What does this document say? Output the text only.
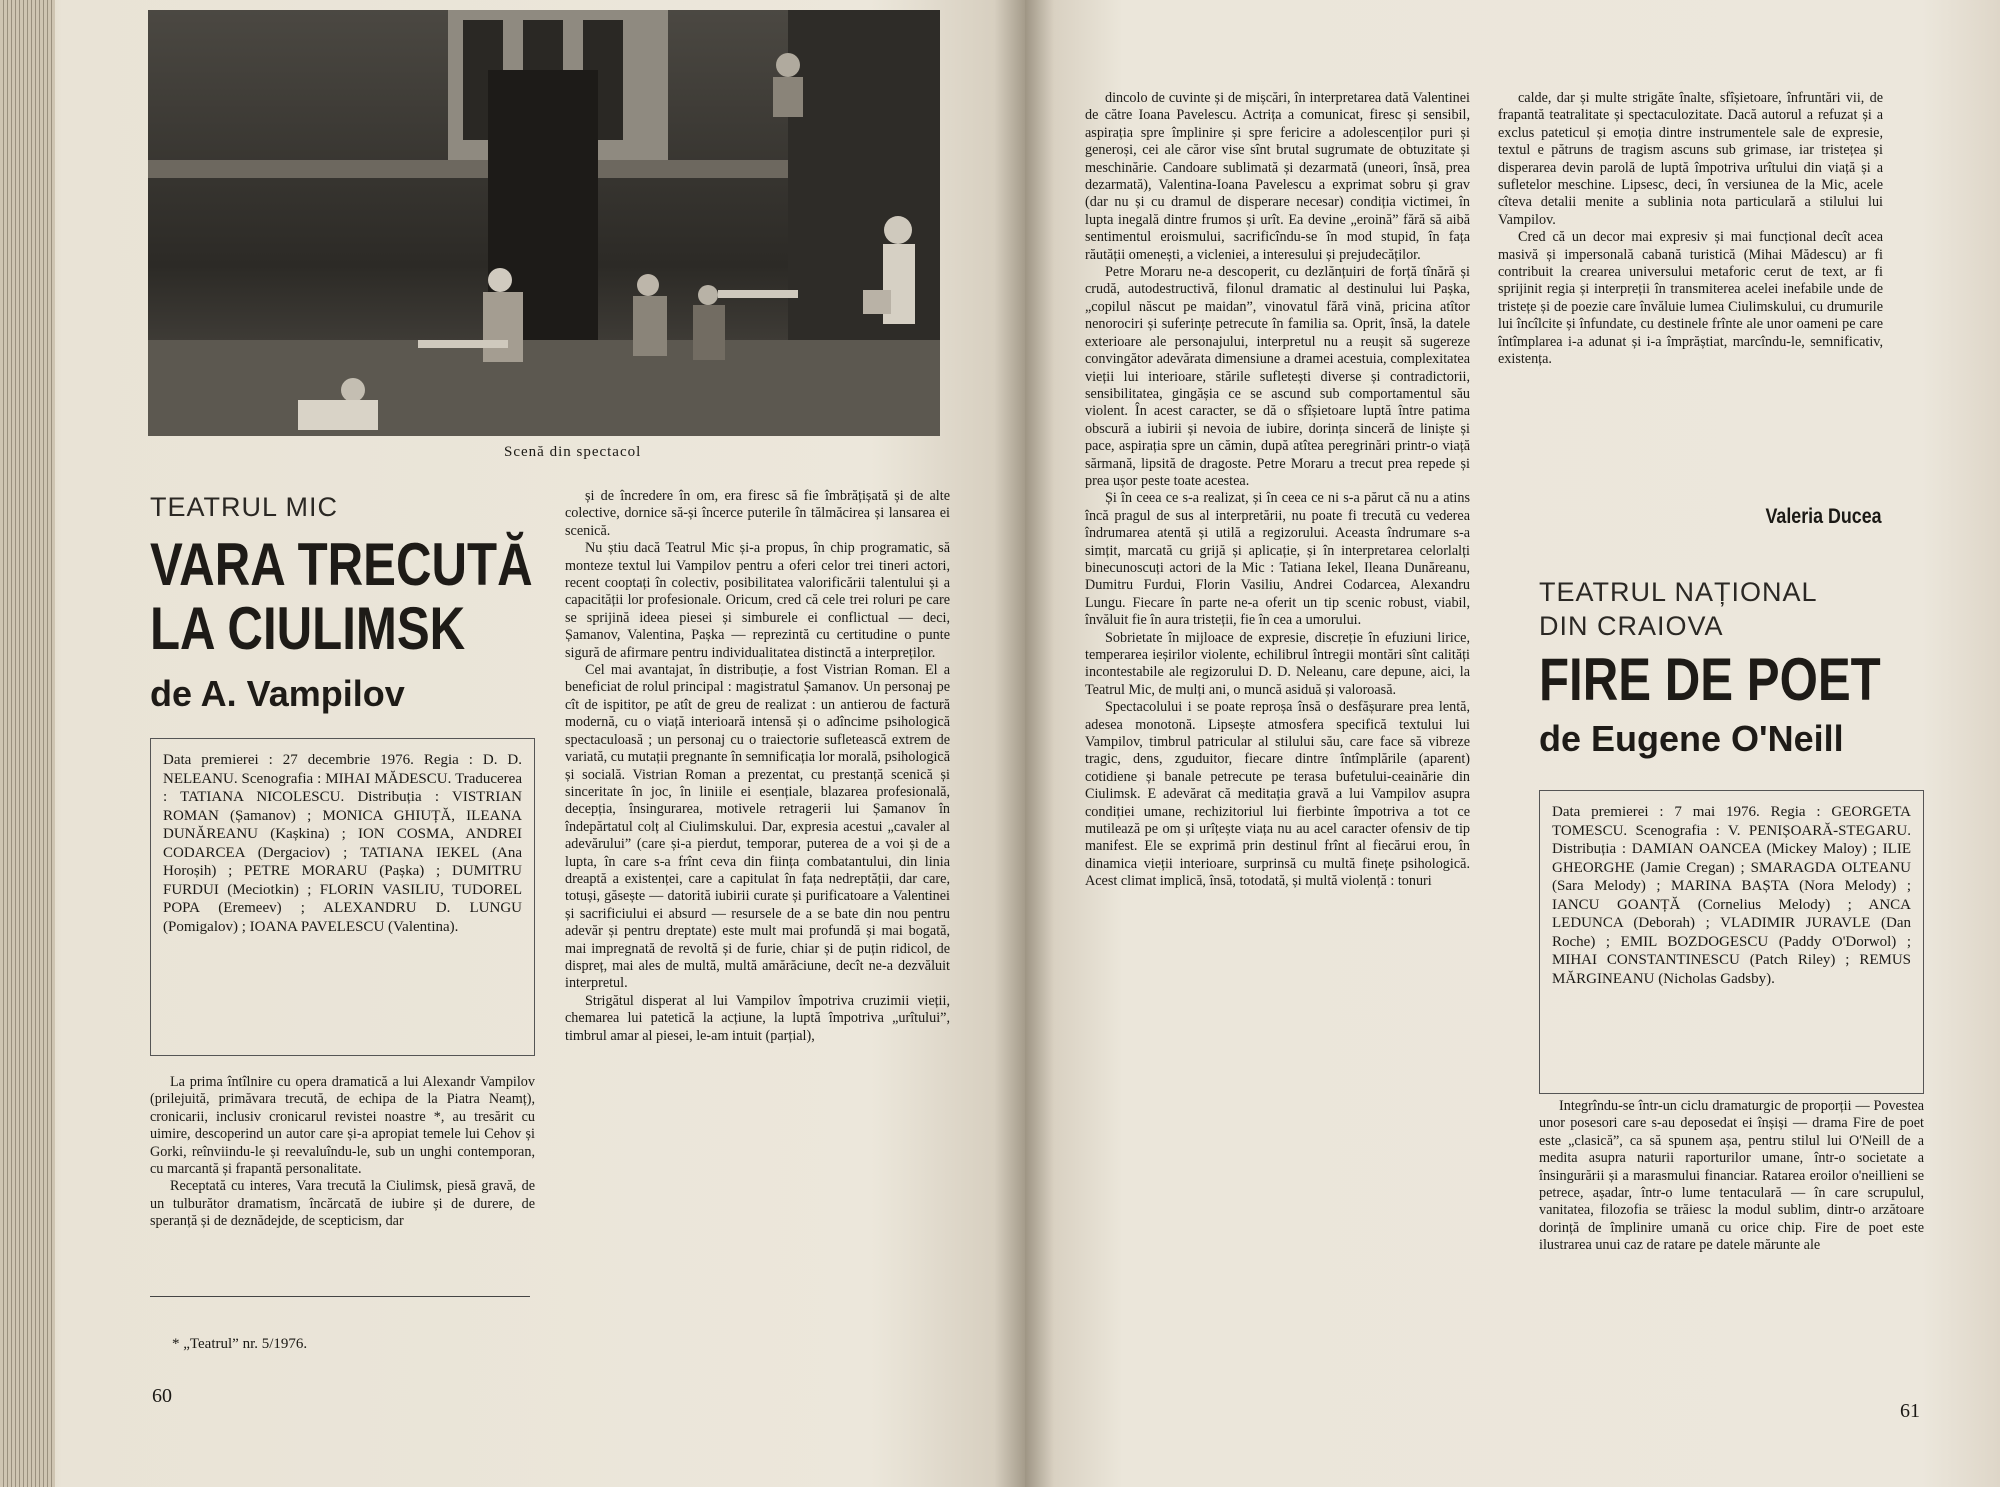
Scenă din spectacol
TEATRUL MIC
VARA TRECUTĂ
LA CIULIMSK
de A. Vampilov
Data premierei : 27 decembrie 1976. Regia : D. D. NELEANU. Scenografia : MIHAI MĂDESCU. Traducerea : TATIANA NICOLESCU. Distribuția : VISTRIAN ROMAN (Șamanov) ; MONICA GHIUȚĂ, ILEANA DUNĂREANU (Kașkina) ; ION COSMA, ANDREI CODARCEA (Dergaciov) ; TATIANA IEKEL (Ana Horoșih) ; PETRE MORARU (Pașka) ; DUMITRU FURDUI (Meciotkin) ; FLORIN VASILIU, TUDOREL POPA (Eremeev) ; ALEXANDRU D. LUNGU (Pomigalov) ; IOANA PAVELESCU (Valentina).

La prima întîlnire cu opera dramatică a lui Alexandr Vampilov (prilejuită, primăvara trecută, de echipa de la Piatra Neamț), cronicarii, inclusiv cronicarul revistei noastre *, au tresărit cu uimire, descoperind un autor care și-a apropiat temele lui Cehov și Gorki, reînviindu-le și reevaluîndu-le, sub un unghi contemporan, cu marcantă și frapantă personalitate.

Receptată cu interes, Vara trecută la Ciulimsk, piesă gravă, de un tulburător dramatism, încărcată de iubire și de durere, de speranță și de deznădejde, de scepticism, dar

* „Teatrul” nr. 5/1976.

și de încredere în om, era firesc să fie îmbrățișată și de alte colective, dornice să-și încerce puterile în tălmăcirea și lansarea ei scenică.

Nu știu dacă Teatrul Mic și-a propus, în chip programatic, să monteze textul lui Vampilov pentru a oferi celor trei tineri actori, recent cooptați în colectiv, posibilitatea valorificării talentului și a capacității lor profesionale. Oricum, cred că cele trei roluri pe care se sprijină ideea piesei și simburele ei conflictual — deci, Șamanov, Valentina, Pașka — reprezintă cu certitudine o punte sigură de afirmare pentru individualitatea distinctă a interpreților.

Cel mai avantajat, în distribuție, a fost Vistrian Roman. El a beneficiat de rolul principal : magistratul Șamanov. Un personaj pe cît de ispititor, pe atît de greu de realizat : un antierou de factură modernă, cu o viață interioară intensă și o adîncime psihologică spectaculoasă ; un personaj cu o traiectorie sufletească extrem de variată, cu mutații pregnante în semnificația lor morală, psihologică și socială. Vistrian Roman a prezentat, cu prestanță scenică și sinceritate în joc, în liniile ei esențiale, blazarea profesională, decepția, însingurarea, motivele retragerii lui Șamanov în îndepărtatul colț al Ciulimskului. Dar, expresia acestui „cavaler al adevărului” (care și-a pierdut, temporar, puterea de a voi și de a lupta, în care s-a frînt ceva din ființa combatantului, din linia dreaptă a existenței, care a capitulat în fața nedreptății, dar care, totuși, găsește — datorită iubirii curate și purificatoare a Valentinei și sacrificiului ei absurd — resursele de a se bate din nou pentru adevăr și pentru dreptate) este mult mai profundă și mai bogată, mai impregnată de revoltă și de furie, chiar și de puțin ridicol, de dispreț, mai ales de multă, multă amărăciune, decît ne-a dezvăluit interpretul.

Strigătul disperat al lui Vampilov împotriva cruzimii vieții, chemarea lui patetică la acțiune, la luptă împotriva „urîtului”, timbrul amar al piesei, le-am intuit (parțial),

60

dincolo de cuvinte și de mișcări, în interpretarea dată Valentinei de către Ioana Pavelescu. Actrița a comunicat, firesc și sensibil, aspirația spre împlinire și spre fericire a adolescenților puri și generoși, cei ale căror vise sînt brutal sugrumate de obtuzitate și meschinărie. Candoare sublimată și dezarmată (uneori, însă, prea dezarmată), Valentina-Ioana Pavelescu a exprimat sobru și grav (dar nu și cu dramul de disperare necesar) condiția victimei, în lupta inegală dintre frumos și urît. Ea devine „eroină” fără să aibă sentimentul eroismului, sacrificîndu-se în mod stupid, în fața răutății omenești, a vicleniei, a interesului și prejudecăților.

Petre Moraru ne-a descoperit, cu dezlănțuiri de forță tînără și crudă, autodestructivă, filonul dramatic al destinului lui Pașka, „copilul născut pe maidan”, vinovatul fără vină, pricina atîtor nenorociri și suferințe petrecute în familia sa. Oprit, însă, la datele exterioare ale personajului, interpretul nu a reușit să sugereze convingător adevărata dimensiune a dramei acestuia, complexitatea vieții lui interioare, stările sufletești diverse și contradictorii, sensibilitatea, gingășia ce se ascund sub comportamentul său violent. În acest caracter, se dă o sfîșietoare luptă între patima obscură a iubirii și nevoia de iubire, dorința sinceră de liniște și pace, aspirația spre un cămin, după atîtea peregrinări printr-o viață sărmană, lipsită de dragoste. Petre Moraru a trecut prea repede și prea ușor peste toate acestea.

Și în ceea ce s-a realizat, și în ceea ce ni s-a părut că nu a atins încă pragul de sus al interpretării, nu poate fi trecută cu vederea îndrumarea atentă și utilă a regizorului. Aceasta îndrumare s-a simțit, marcată cu grijă și aplicație, și în interpretarea celorlalți binecunoscuți actori de la Mic : Tatiana Iekel, Ileana Dunăreanu, Dumitru Furdui, Florin Vasiliu, Andrei Codarcea, Alexandru Lungu. Fiecare în parte ne-a oferit un tip scenic robust, viabil, învăluit fie în aura tristeții, fie în cea a umorului.

Sobrietate în mijloace de expresie, discreție în efuziuni lirice, temperarea ieșirilor violente, echilibrul întregii montări sînt calități incontestabile ale regizorului D. D. Neleanu, care depune, aici, la Teatrul Mic, de mulți ani, o muncă asiduă și valoroasă.

Spectacolului i se poate reproșa însă o desfășurare prea lentă, adesea monotonă. Lipsește atmosfera specifică textului lui Vampilov, timbrul patricular al stilului său, care face să vibreze tragic, dens, zguduitor, fiecare dintre întîmplările (aparent) cotidiene și banale petrecute pe terasa bufetului-ceainărie din Ciulimsk. E adevărat că meditația gravă a lui Vampilov asupra condiției umane, rechizitoriul lui fierbinte împotriva a tot ce mutilează pe om și urîțește viața nu au acel caracter ofensiv de tip manifest. Ele se exprimă prin destinul frînt al fiecărui erou, în dinamica vieții interioare, surprinsă cu multă finețe psihologică. Acest climat implică, însă, totodată, și multă violență : tonuri

calde, dar și multe strigăte înalte, sfîșietoare, înfruntări vii, de frapantă teatralitate și spectaculozitate. Dacă autorul a refuzat și a exclus pateticul și emoția dintre instrumentele sale de expresie, textul e pătruns de tragism ascuns sub grimase, iar tristețea și disperarea devin parolă de luptă împotriva urîtului din viață și a sufletelor meschine. Lipsesc, deci, în versiunea de la Mic, acele cîteva detalii menite a sublinia nota particulară a stilului lui Vampilov.

Cred că un decor mai expresiv și mai funcțional decît acea masivă și impersonală cabană turistică (Mihai Mădescu) ar fi contribuit la crearea universului metaforic cerut de text, ar fi sprijinit regia și interpreții în transmiterea acelei inefabile unde de tristețe și de poezie care învăluie lumea Ciulimskului, cu drumurile lui încîlcite și înfundate, cu destinele frînte ale unor oameni pe care întîmplarea i-a adunat și i-a împrăștiat, marcîndu-le, semnificativ, existența.

Valeria Ducea
TEATRUL NAȚIONAL
DIN CRAIOVA
FIRE DE POET
de Eugene O'Neill
Data premierei : 7 mai 1976. Regia : GEORGETA TOMESCU. Scenografia : V. PENIȘOARĂ-STEGARU. Distribuția : DAMIAN OANCEA (Mickey Maloy) ; ILIE GHEORGHE (Jamie Cregan) ; SMARAGDA OLTEANU (Sara Melody) ; MARINA BAȘTA (Nora Melody) ; IANCU GOANȚĂ (Cornelius Melody) ; ANCA LEDUNCA (Deborah) ; VLADIMIR JURAVLE (Dan Roche) ; EMIL BOZDOGESCU (Paddy O'Dorwol) ; MIHAI CONSTANTINESCU (Patch Riley) ; REMUS MĂRGINEANU (Nicholas Gadsby).

Integrîndu-se într-un ciclu dramaturgic de proporții — Povestea unor posesori care s-au deposedat ei înșiși — drama Fire de poet este „clasică”, ca să spunem așa, pentru stilul lui O'Neill de a medita asupra naturii raporturilor umane, într-o societate a însingurării și a marasmului financiar. Ratarea eroilor o'neillieni se petrece, așadar, într-o lume tentaculară — în care scrupulul, vanitatea, filozofia se trăiesc la modul sublim, dintr-o arzătoare dorință de împlinire umană cu orice chip. Fire de poet este ilustrarea unui caz de ratare pe datele mărunte ale

61
